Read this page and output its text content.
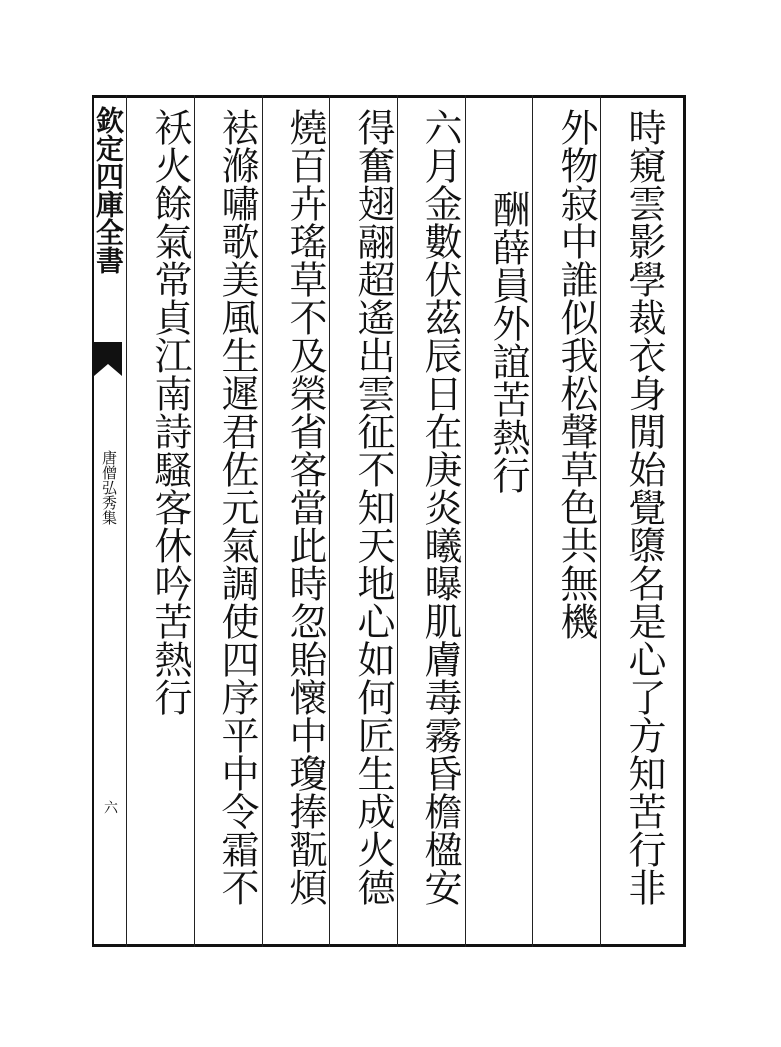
欽定四庫全書
唐僧弘秀集
六	時窺雲影學裁衣身閒始覺隳名是心了方知苦行非
外物寂中誰似我松聲草色共無機
酬薛員外誼苦熱行
六月金數伏茲辰日在庚炎曦曝肌膚毒霧昏檐楹安
得奮翅翮超遙出雲征不知天地心如何匠生成火德
燒百卉瑤草不及榮省客當此時忽貽懷中瓊捧翫煩
袪滌嘯歌美風生遲君佐元氣調使四序平中令霜不
袄火餘氣常貞江南詩騷客休吟苦熱行
